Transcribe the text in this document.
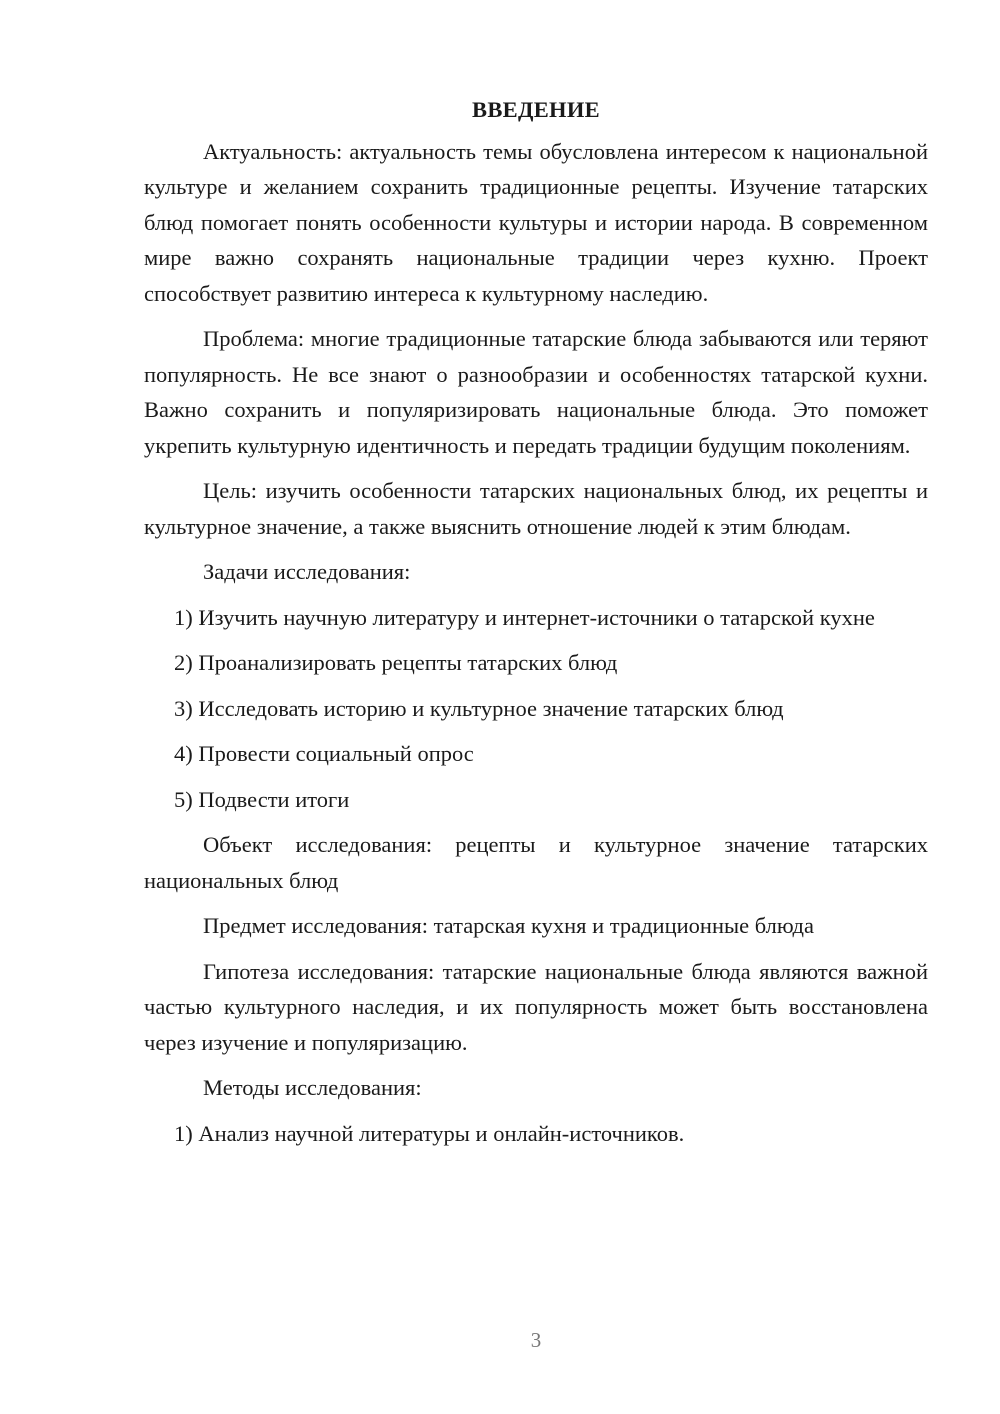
ВВЕДЕНИЕ

Актуальность: актуальность темы обусловлена интересом к национальной культуре и желанием сохранить традиционные рецепты. Изучение татарских блюд помогает понять особенности культуры и истории народа. В современном мире важно сохранять национальные традиции через кухню. Проект способствует развитию интереса к культурному наследию.

Проблема: многие традиционные татарские блюда забываются или теряют популярность. Не все знают о разнообразии и особенностях татарской кухни. Важно сохранить и популяризировать национальные блюда. Это поможет укрепить культурную идентичность и передать традиции будущим поколениям.

Цель: изучить особенности татарских национальных блюд, их рецепты и культурное значение, а также выяснить отношение людей к этим блюдам.

Задачи исследования:

1) Изучить научную литературу и интернет-источники о татарской кухне

2) Проанализировать рецепты татарских блюд

3) Исследовать историю и культурное значение татарских блюд

4) Провести социальный опрос

5) Подвести итоги

Объект исследования: рецепты и культурное значение татарских национальных блюд

Предмет исследования: татарская кухня и традиционные блюда

Гипотеза исследования: татарские национальные блюда являются важной частью культурного наследия, и их популярность может быть восстановлена через изучение и популяризацию.

Методы исследования:

1) Анализ научной литературы и онлайн-источников.

3
